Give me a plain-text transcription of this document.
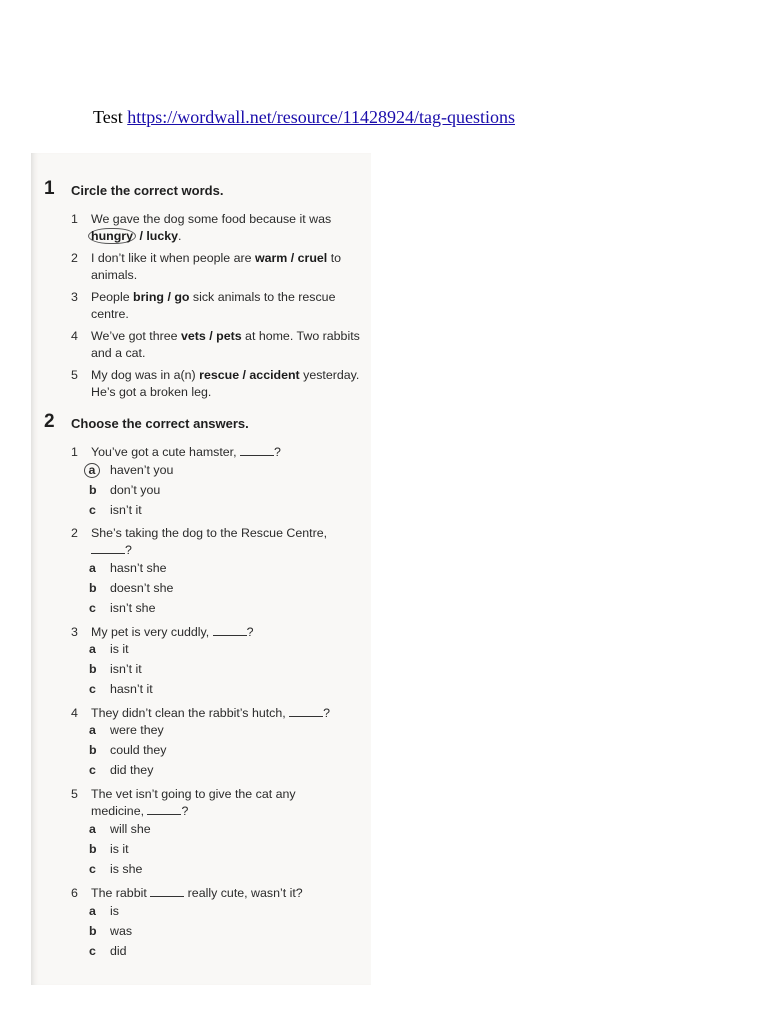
Test https://wordwall.net/resource/11428924/tag-questions
1 Circle the correct words.
1	We gave the dog some food because it was
hungry / lucky.
2	I don’t like it when people are warm / cruel to animals.
3	People bring / go sick animals to the rescue centre.
4	We’ve got three vets / pets at home. Two rabbits and a cat.
5	My dog was in a(n) rescue / accident yesterday. He’s got a broken leg.
2 Choose the correct answers.
1	You’ve got a cute hamster,	?
a	haven’t you
b	don’t you
c	isn’t it
2	She’s taking the dog to the Rescue Centre,
?
a	hasn’t she
b	doesn’t she
c	isn’t she
3	My pet is very cuddly,	?
a	is it
b	isn’t it
c	hasn’t it
4	They didn’t clean the rabbit’s hutch,	?
a	were they
b	could they
c	did they
5	The vet isn’t going to give the cat any medicine,	?
a	will she
b	is it
c	is she
6	The rabbit	really cute, wasn’t it?
a	is
b	was
c	did
